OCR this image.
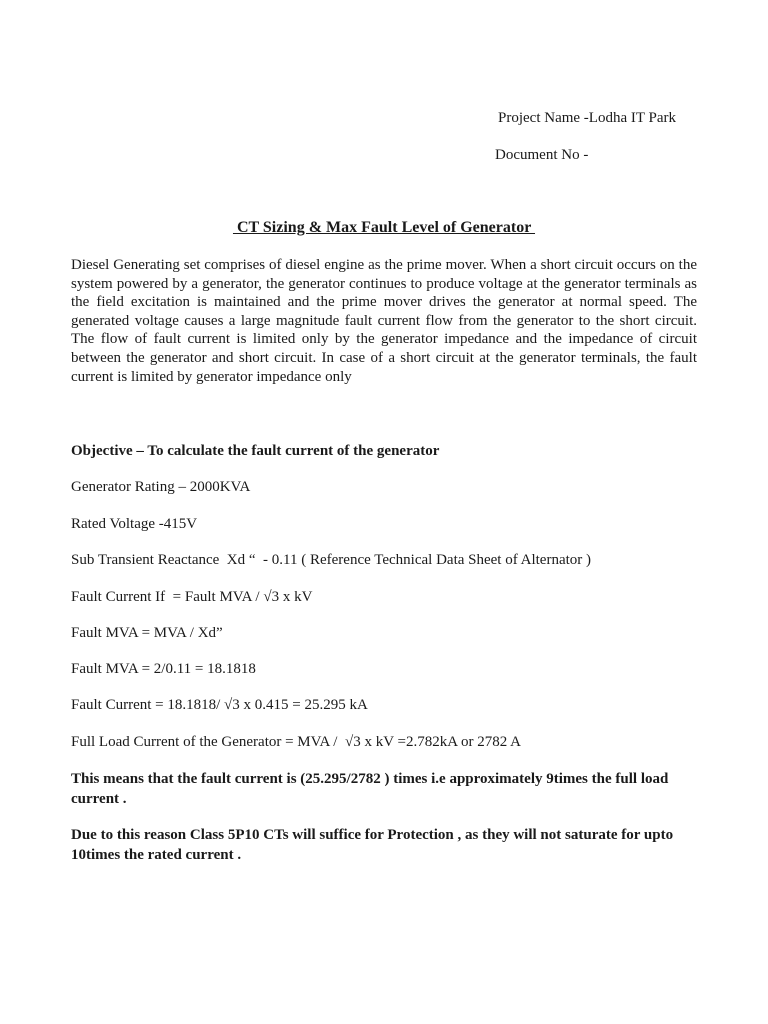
Project Name -Lodha IT Park
Document No -
CT Sizing & Max Fault Level of Generator

Diesel Generating set comprises of diesel engine as the prime mover. When a short circuit occurs on the system powered by a generator, the generator continues to produce voltage at the generator terminals as the field excitation is maintained and the prime mover drives the generator at normal speed. The generated voltage causes a large magnitude fault current flow from the generator to the short circuit. The flow of fault current is limited only by the generator impedance and the impedance of circuit between the generator and short circuit. In case of a short circuit at the generator terminals, the fault current is limited by generator impedance only

Objective – To calculate the fault current of the generator

Generator Rating – 2000KVA

Rated Voltage -415V

Sub Transient Reactance  Xd “  - 0.11 ( Reference Technical Data Sheet of Alternator )

Fault Current If  = Fault MVA / √3 x kV

Fault MVA = MVA / Xd”

Fault MVA = 2/0.11 = 18.1818

Fault Current = 18.1818/ √3 x 0.415 = 25.295 kA

Full Load Current of the Generator = MVA /  √3 x kV =2.782kA or 2782 A

This means that the fault current is (25.295/2782 ) times i.e approximately 9times the full load current .

Due to this reason Class 5P10 CTs will suffice for Protection , as they will not saturate for upto 10times the rated current .
